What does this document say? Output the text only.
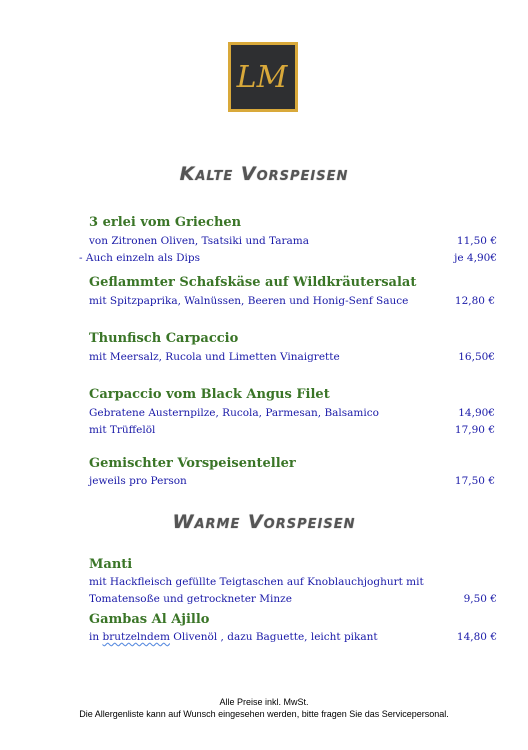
LM
Kalte Vorspeisen
3 erlei vom Griechen
von Zitronen Oliven, Tsatsiki und Tarama	11,50 €
- Auch einzeln als Dips	je 4,90€
Geflammter Schafskäse auf Wildkräutersalat
mit Spitzpaprika, Walnüssen, Beeren und Honig-Senf Sauce	12,80 €
Thunfisch Carpaccio
mit Meersalz, Rucola und Limetten Vinaigrette	16,50€
Carpaccio vom Black Angus Filet
Gebratene Austernpilze, Rucola, Parmesan, Balsamico	14,90€
mit Trüffelöl	17,90 €
Gemischter Vorspeisenteller
jeweils pro Person	17,50 €
Warme Vorspeisen
Manti
mit Hackfleisch gefüllte Teigtaschen auf Knoblauchjoghurt mit
Tomatensoße und getrockneter Minze	9,50 €
Gambas Al Ajillo
in brutzelndem Olivenöl , dazu Baguette, leicht pikant	14,80 €
Alle Preise inkl. MwSt.
Die Allergenliste kann auf Wunsch eingesehen werden, bitte fragen Sie das Servicepersonal.
